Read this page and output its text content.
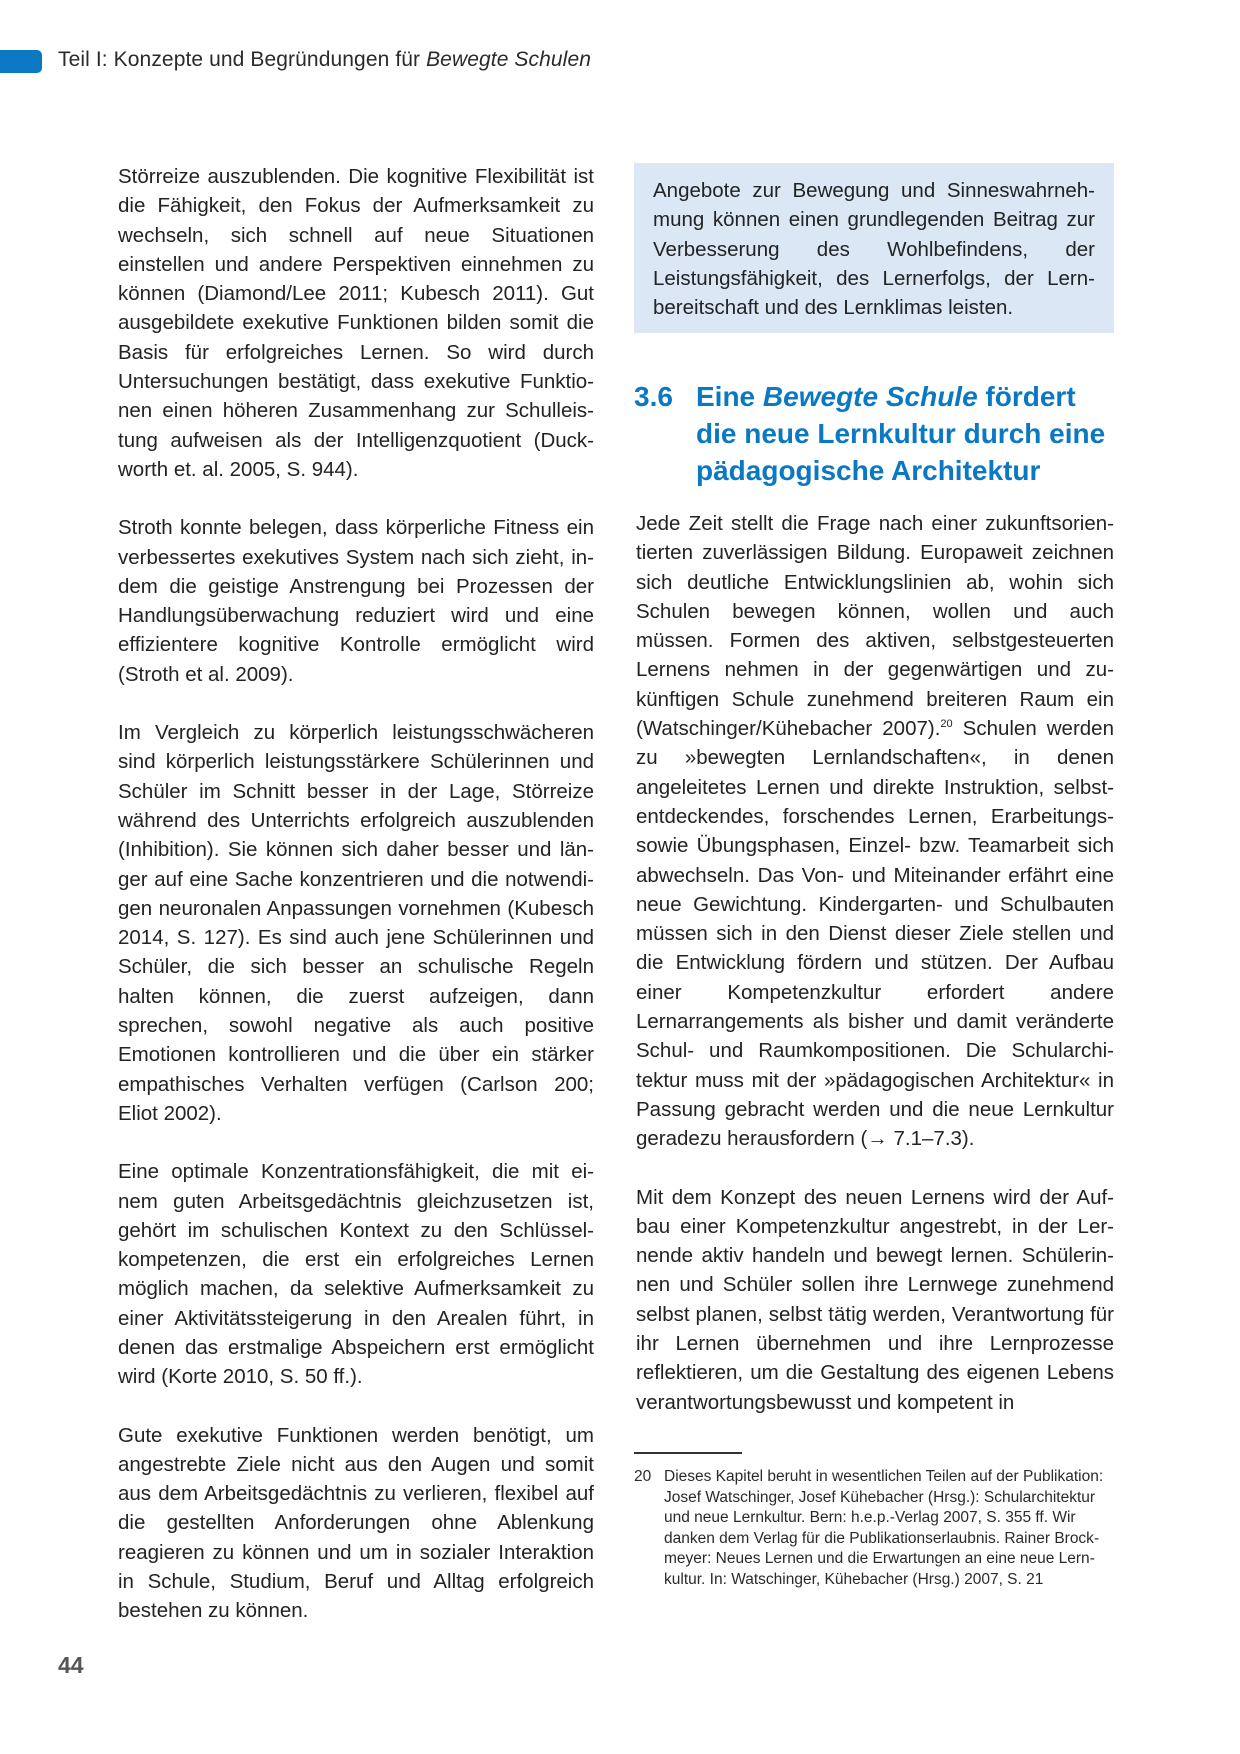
Teil I: Konzepte und Begründungen für Bewegte Schulen

Störreize auszublenden. Die kognitive Flexibilität ist die Fähigkeit, den Fokus der Aufmerksamkeit zu wechseln, sich schnell auf neue Situationen einstellen und andere Perspektiven einnehmen zu können (Diamond/Lee 2011; Kubesch 2011). Gut ausgebildete exekutive Funktionen bilden somit die Basis für erfolgreiches Lernen. So wird durch Untersuchungen bestätigt, dass exekutive Funktionen einen höheren Zusammenhang zur Schulleistung aufweisen als der Intelligenzquotient (Duckworth et. al. 2005, S. 944).

Stroth konnte belegen, dass körperliche Fitness ein verbessertes exekutives System nach sich zieht, indem die geistige Anstrengung bei Prozessen der Handlungsüberwachung reduziert wird und eine effizientere kognitive Kontrolle ermöglicht wird (Stroth et al. 2009).

Im Vergleich zu körperlich leistungsschwächeren sind körperlich leistungsstärkere Schülerinnen und Schüler im Schnitt besser in der Lage, Störreize während des Unterrichts erfolgreich auszublenden (Inhibition). Sie können sich daher besser und länger auf eine Sache konzentrieren und die notwendigen neuronalen Anpassungen vornehmen (Kubesch 2014, S. 127). Es sind auch jene Schülerinnen und Schüler, die sich besser an schulische Regeln halten können, die zuerst aufzeigen, dann sprechen, sowohl negative als auch positive Emotionen kontrollieren und die über ein stärker empathisches Verhalten verfügen (Carlson 200; Eliot 2002).

Eine optimale Konzentrationsfähigkeit, die mit einem guten Arbeitsgedächtnis gleichzusetzen ist, gehört im schulischen Kontext zu den Schlüsselkompetenzen, die erst ein erfolgreiches Lernen möglich machen, da selektive Aufmerksamkeit zu einer Aktivitätssteigerung in den Arealen führt, in denen das erstmalige Abspeichern erst ermöglicht wird (Korte 2010, S. 50 ff.).

Gute exekutive Funktionen werden benötigt, um angestrebte Ziele nicht aus den Augen und somit aus dem Arbeitsgedächtnis zu verlieren, flexibel auf die gestellten Anforderungen ohne Ablenkung reagieren zu können und um in sozialer Interaktion in Schule, Studium, Beruf und Alltag erfolgreich bestehen zu können.

Angebote zur Bewegung und Sinneswahrnehmung können einen grundlegenden Beitrag zur Verbesserung des Wohlbefindens, der Leistungsfähigkeit, des Lernerfolgs, der Lernbereitschaft und des Lernklimas leisten.

3.6 Eine Bewegte Schule fördert die neue Lernkultur durch eine pädagogische Architektur

Jede Zeit stellt die Frage nach einer zukunftsorientierten zuverlässigen Bildung. Europaweit zeichnen sich deutliche Entwicklungslinien ab, wohin sich Schulen bewegen können, wollen und auch müssen. Formen des aktiven, selbstgesteuerten Lernens nehmen in der gegenwärtigen und zukünftigen Schule zunehmend breiteren Raum ein (Watschinger/Kühebacher 2007).$^{20}$ Schulen werden zu »bewegten Lernlandschaften«, in denen angeleitetes Lernen und direkte Instruktion, selbstentdeckendes, forschendes Lernen, Erarbeitungssowie Übungsphasen, Einzel- bzw. Teamarbeit sich abwechseln. Das Von- und Miteinander erfährt eine neue Gewichtung. Kindergarten- und Schulbauten müssen sich in den Dienst dieser Ziele stellen und die Entwicklung fördern und stützen. Der Aufbau einer Kompetenzkultur erfordert andere Lernarrangements als bisher und damit veränderte Schul- und Raumkompositionen. Die Schularchitektur muss mit der »pädagogischen Architektur« in Passung gebracht werden und die neue Lernkultur geradezu herausfordern (→ 7.1–7.3).

Mit dem Konzept des neuen Lernens wird der Aufbau einer Kompetenzkultur angestrebt, in der Lernende aktiv handeln und bewegt lernen. Schülerinnen und Schüler sollen ihre Lernwege zunehmend selbst planen, selbst tätig werden, Verantwortung für ihr Lernen übernehmen und ihre Lernprozesse reflektieren, um die Gestaltung des eigenen Lebens verantwortungsbewusst und kompetent in

20 Dieses Kapitel beruht in wesentlichen Teilen auf der Publikation: Josef Watschinger, Josef Kühebacher (Hrsg.): Schularchitektur und neue Lernkultur. Bern: h.e.p.-Verlag 2007, S. 355 ff. Wir danken dem Verlag für die Publikationserlaubnis. Rainer Brockmeyer: Neues Lernen und die Erwartungen an eine neue Lernkultur. In: Watschinger, Kühebacher (Hrsg.) 2007, S. 21
44
